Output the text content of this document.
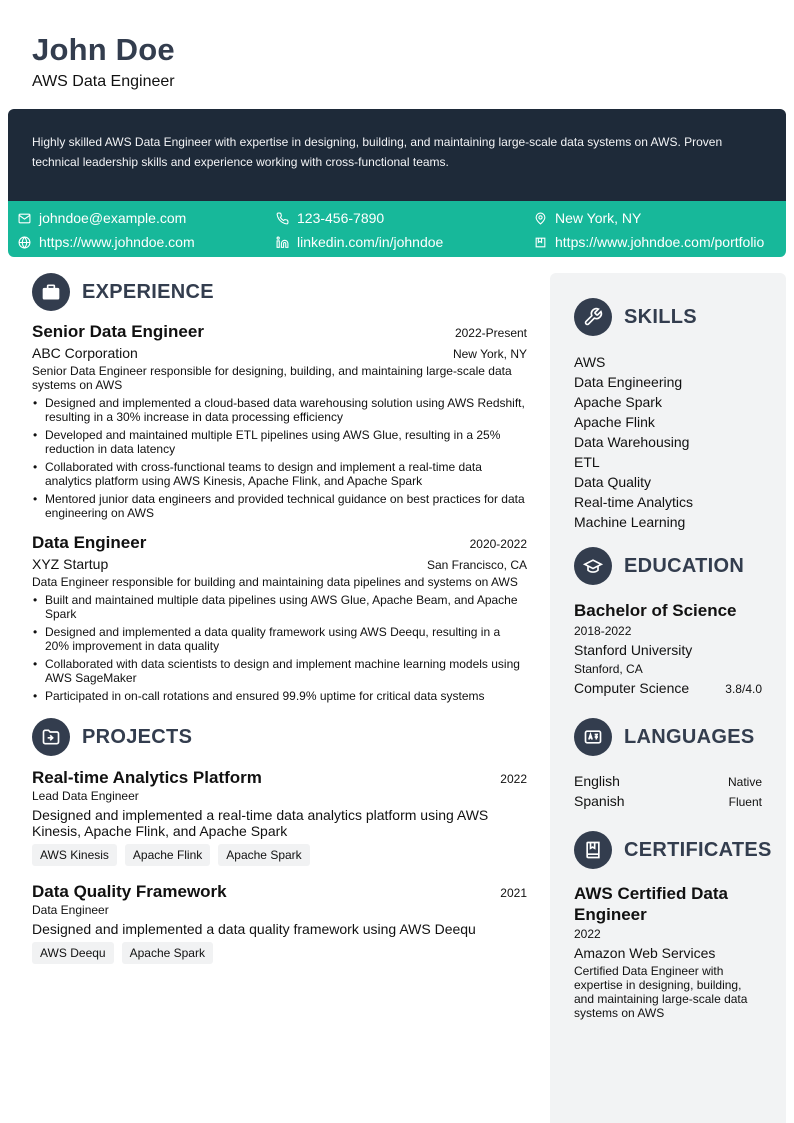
John Doe
AWS Data Engineer
Highly skilled AWS Data Engineer with expertise in designing, building, and maintaining large-scale data systems on AWS. Proven technical leadership skills and experience working with cross-functional teams.
johndoe@example.com	123-456-7890	New York, NY
https://www.johndoe.com	linkedin.com/in/johndoe	https://www.johndoe.com/portfolio
EXPERIENCE
Senior Data Engineer	2022-Present
ABC Corporation	New York, NY
Senior Data Engineer responsible for designing, building, and maintaining large-scale data systems on AWS
• Designed and implemented a cloud-based data warehousing solution using AWS Redshift, resulting in a 30% increase in data processing efficiency
• Developed and maintained multiple ETL pipelines using AWS Glue, resulting in a 25% reduction in data latency
• Collaborated with cross-functional teams to design and implement a real-time data analytics platform using AWS Kinesis, Apache Flink, and Apache Spark
• Mentored junior data engineers and provided technical guidance on best practices for data engineering on AWS
Data Engineer	2020-2022
XYZ Startup	San Francisco, CA
Data Engineer responsible for building and maintaining data pipelines and systems on AWS
• Built and maintained multiple data pipelines using AWS Glue, Apache Beam, and Apache Spark
• Designed and implemented a data quality framework using AWS Deequ, resulting in a 20% improvement in data quality
• Collaborated with data scientists to design and implement machine learning models using AWS SageMaker
• Participated in on-call rotations and ensured 99.9% uptime for critical data systems
PROJECTS
Real-time Analytics Platform	2022
Lead Data Engineer
Designed and implemented a real-time data analytics platform using AWS Kinesis, Apache Flink, and Apache Spark
AWS Kinesis	Apache Flink	Apache Spark
Data Quality Framework	2021
Data Engineer
Designed and implemented a data quality framework using AWS Deequ
AWS Deequ	Apache Spark
SKILLS
AWS
Data Engineering
Apache Spark
Apache Flink
Data Warehousing
ETL
Data Quality
Real-time Analytics
Machine Learning
EDUCATION
Bachelor of Science
2018-2022
Stanford University
Stanford, CA
Computer Science	3.8/4.0
LANGUAGES
English	Native
Spanish	Fluent
CERTIFICATES
AWS Certified Data Engineer
2022
Amazon Web Services
Certified Data Engineer with expertise in designing, building, and maintaining large-scale data systems on AWS
